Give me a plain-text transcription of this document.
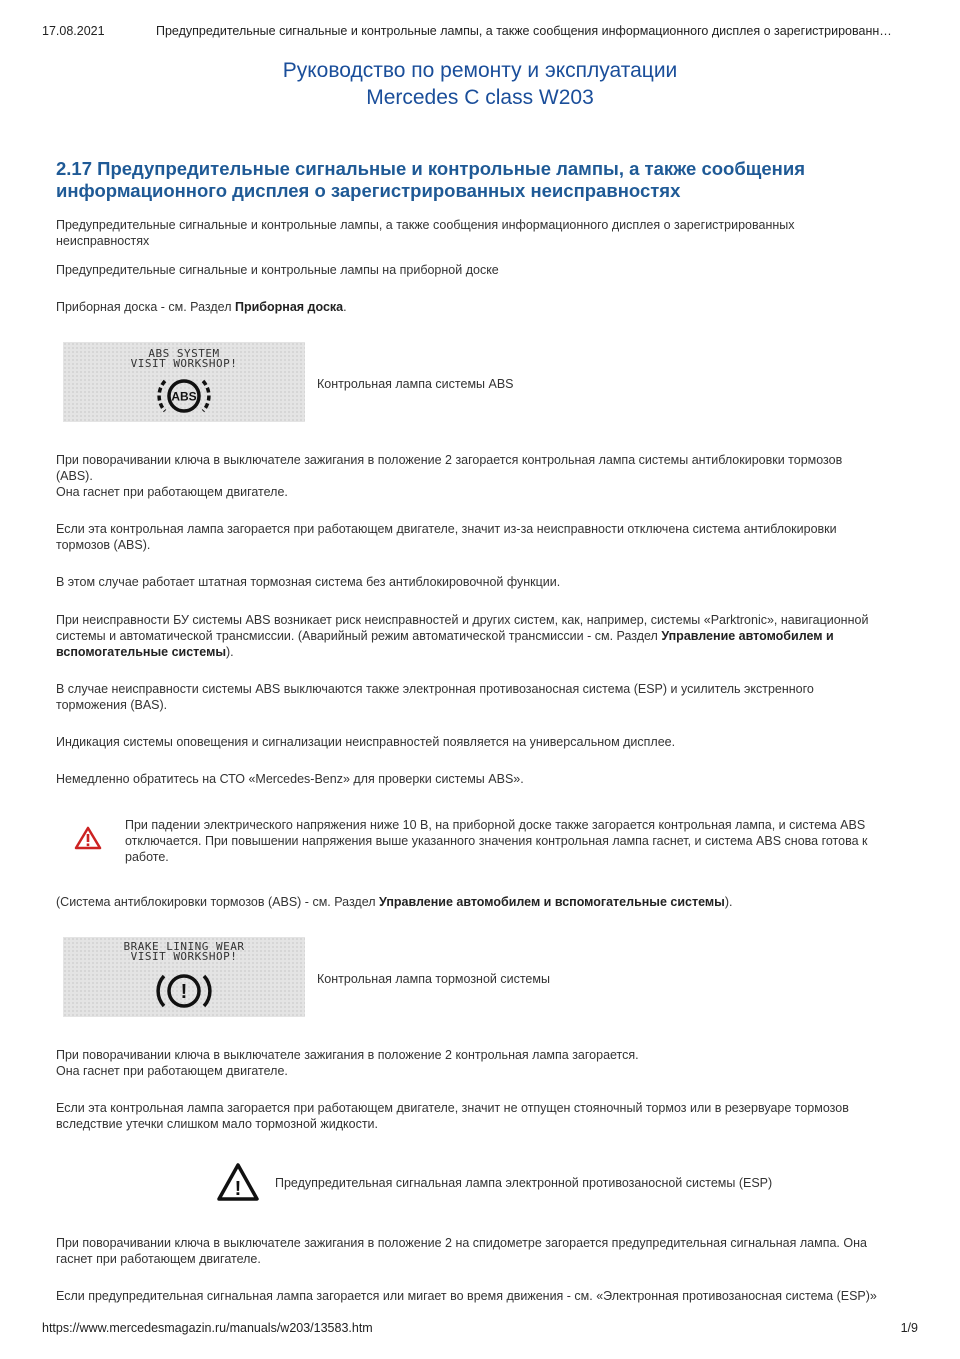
17.08.2021	Предупредительные сигнальные и контрольные лампы, а также сообщения информационного дисплея о зарегистрированн…
Руководство по ремонту и эксплуатации
Mercedes C class W203
2.17 Предупредительные сигнальные и контрольные лампы, а также сообщения
информационного дисплея о зарегистрированных неисправностях
Предупредительные сигнальные и контрольные лампы, а также сообщения информационного дисплея о зарегистрированных
неисправностях
Предупредительные сигнальные и контрольные лампы на приборной доске
Приборная доска - см. Раздел Приборная доска.
ABS SYSTEM
VISIT WORKSHOP!
ABS
Контрольная лампа системы ABS
При поворачивании ключа в выключателе зажигания в положение 2 загорается контрольная лампа системы антиблокировки тормозов
(ABS).
Она гаснет при работающем двигателе.
Если эта контрольная лампа загорается при работающем двигателе, значит из-за неисправности отключена система антиблокировки
тормозов (ABS).
В этом случае работает штатная тормозная система без антиблокировочной функции.
При неисправности БУ системы ABS возникает риск неисправностей и других систем, как, например, системы «Parktronic», навигационной
системы и автоматической трансмиссии. (Аварийный режим автоматической трансмиссии - см. Раздел Управление автомобилем и
вспомогательные системы).
В случае неисправности системы ABS выключаются также электронная противозаносная система (ESP) и усилитель экстренного
торможения (BAS).
Индикация системы оповещения и сигнализации неисправностей появляется на универсальном дисплее.
Немедленно обратитесь на СТО «Mercedes-Benz» для проверки системы ABS».
При падении электрического напряжения ниже 10 В, на приборной доске также загорается контрольная лампа, и система ABS
отключается. При повышении напряжения выше указанного значения контрольная лампа гаснет, и система ABS снова готова к
работе.
(Система антиблокировки тормозов (ABS) - см. Раздел Управление автомобилем и вспомогательные системы).
BRAKE LINING WEAR
VISIT WORKSHOP!
!
Контрольная лампа тормозной системы
При поворачивании ключа в выключателе зажигания в положение 2 контрольная лампа загорается.
Она гаснет при работающем двигателе.
Если эта контрольная лампа загорается при работающем двигателе, значит не отпущен стояночный тормоз или в резервуаре тормозов
вследствие утечки слишком мало тормозной жидкости.
!	Предупредительная сигнальная лампа электронной противозаносной системы (ESP)
При поворачивании ключа в выключателе зажигания в положение 2 на спидометре загорается предупредительная сигнальная лампа. Она
гаснет при работающем двигателе.
Если предупредительная сигнальная лампа загорается или мигает во время движения - см. «Электронная противозаносная система (ESP)»
https://www.mercedesmagazin.ru/manuals/w203/13583.htm	1/9
